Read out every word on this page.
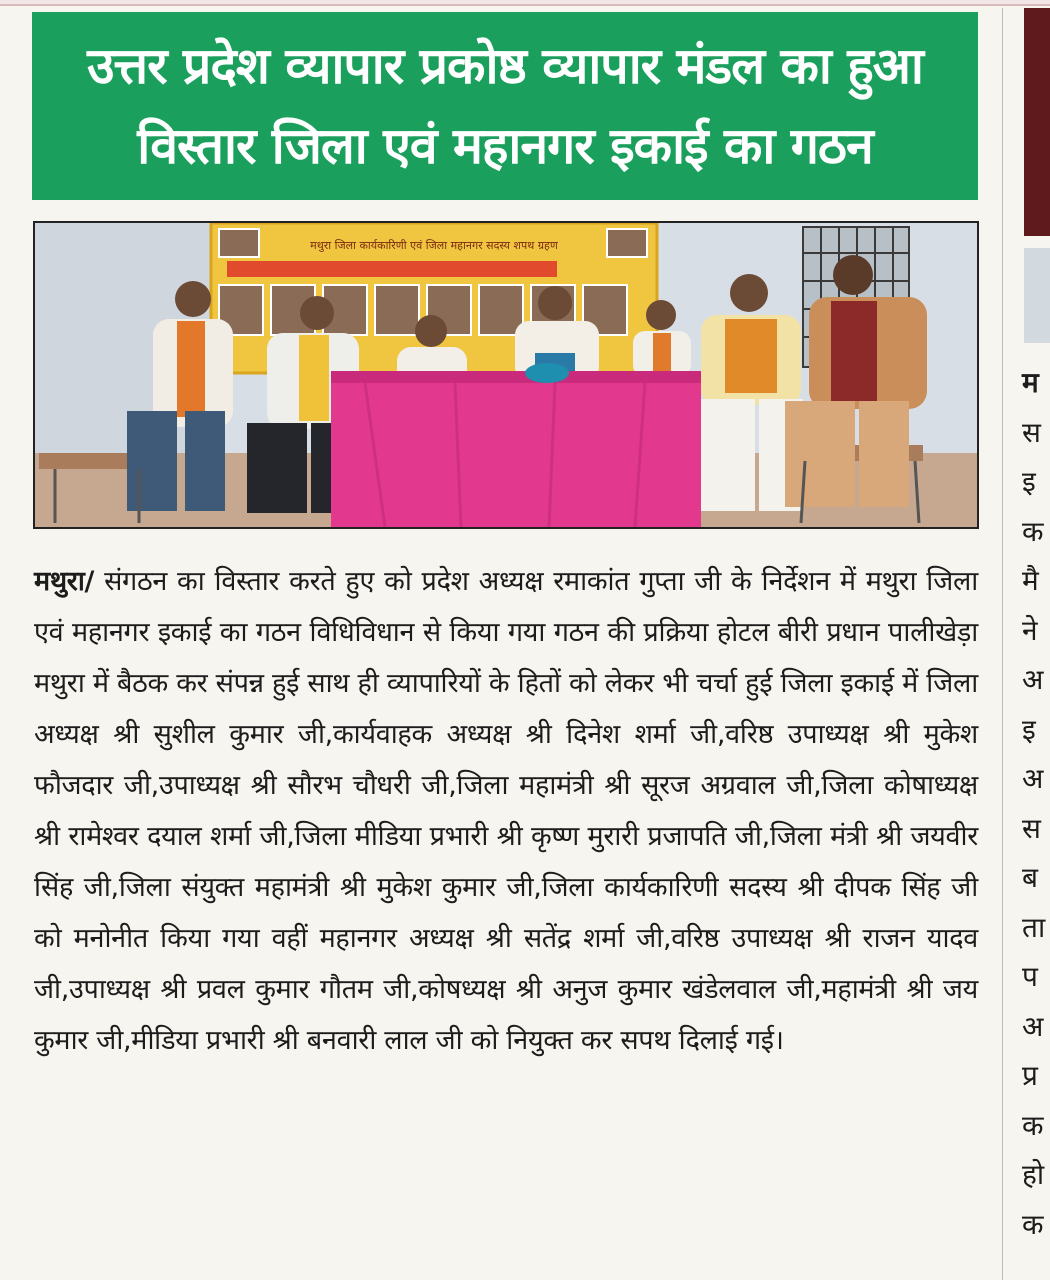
उत्तर प्रदेश व्यापार प्रकोष्ठ व्यापार मंडल का हुआ
विस्तार जिला एवं महानगर इकाई का गठन
मथुरा जिला कार्यकारिणी एवं जिला महानगर सदस्य शपथ ग्रहण
मथुरा/ संगठन का विस्तार करते हुए को प्रदेश अध्यक्ष रमाकांत गुप्ता जी के निर्देशन में मथुरा जिला एवं महानगर इकाई का गठन विधिविधान से किया गया गठन की प्रक्रिया होटल बीरी प्रधान पालीखेड़ा मथुरा में बैठक कर संपन्न हुई साथ ही व्यापारियों के हितों को लेकर भी चर्चा हुई जिला इकाई में जिला अध्यक्ष श्री सुशील कुमार जी,कार्यवाहक अध्यक्ष श्री दिनेश शर्मा जी,वरिष्ठ उपाध्यक्ष श्री मुकेश फौजदार जी,उपाध्यक्ष श्री सौरभ चौधरी जी,जिला महामंत्री श्री सूरज अग्रवाल जी,जिला कोषाध्यक्ष श्री रामेश्वर दयाल शर्मा जी,जिला मीडिया प्रभारी श्री कृष्ण मुरारी प्रजापति जी,जिला मंत्री श्री जयवीर सिंह जी,जिला संयुक्त महामंत्री श्री मुकेश कुमार जी,जिला कार्यकारिणी सदस्य श्री दीपक सिंह जी को मनोनीत किया गया वहीं महानगर अध्यक्ष श्री सतेंद्र शर्मा जी,वरिष्ठ उपाध्यक्ष श्री राजन यादव जी,उपाध्यक्ष श्री प्रवल कुमार गौतम जी,कोषध्यक्ष श्री अनुज कुमार खंडेलवाल जी,महामंत्री श्री जय कुमार जी,मीडिया प्रभारी श्री बनवारी लाल जी को नियुक्त कर सपथ दिलाई गई।
म
स
इ
क
मै
ने
अ
इ
अ
स
ब
ता
प
अ
प्र
क
हो
क
